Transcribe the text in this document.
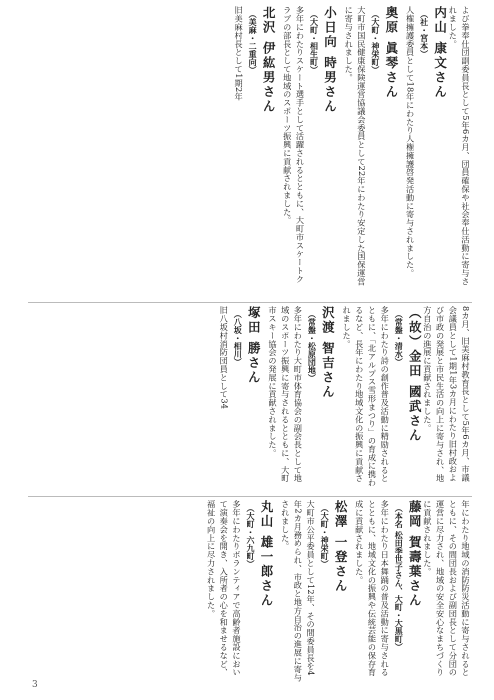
よび拳奉仕団副委員長として5年6カ月、団員確保や社会奉仕活動に寄与されました。
内山 康文さん
（社・宮本）
人権擁護委員として18年にわたり人権擁護啓発活動に寄与されました。
奥原 眞琴さん
（大町・神栄町）
大町市国民健康保険運営協議会委員として22年にわたり安定した国保運営に寄与されました。
小日向 時男さん
（大町・相生町）
多年にわたりスケート選手として活躍されるとともに、大町市スケートクラブの部長として地域のスポーツ振興に貢献されました。
北沢 伊紘男さん
（美麻・二重向）
旧美麻村長として1期2年
8カ月、旧美麻村教育長として5年6カ月、市議会議員として1期1年3カ月にわたり旧村政および市政の発展と市民生活の向上に寄与され、地方自治の進展に貢献されました。
（故）金田 國武さん
（常盤・清水）
多年にわたり詩の創作普及活動に精励されるとともに、「北アルプス雪形まつり」の育成に携わるなど、長年にわたり地域文化の振興に貢献されました。
沢渡 智吉さん
（常盤・松原団地）
多年にわたり大町市体育協会の副会長として地域のスポーツ振興に寄与されるとともに、大町市スキー協会の発展に貢献されました。
塚田 勝さん
（八坂・相川）
旧八坂村消防団員として34
年にわたり地域の消防防災活動に寄与されるとともに、その間団長および副団長として分団の運営に尽力され、地域の安全安心なまちづくりに貢献されました。
藤岡 賀壽葉さん
（本名 松田季世子さん、大町・大黒町）
多年にわたり日本舞踊の普及活動に寄与されるとともに、地域文化の振興や伝統芸能の保存育成に貢献されました。
松澤 一登さん
（大町・神栄町）
大町市公平委員として12年、その間委員長を4年2カ月務められ、市政と地方自治の進展に寄与されました。
丸山 雄一郎さん
（大町・六九町）
多年にわたりボランティアで高齢者施設において演奏会を開き、入所者の心を和ませるなど、福祉の向上に尽力されました。
3
